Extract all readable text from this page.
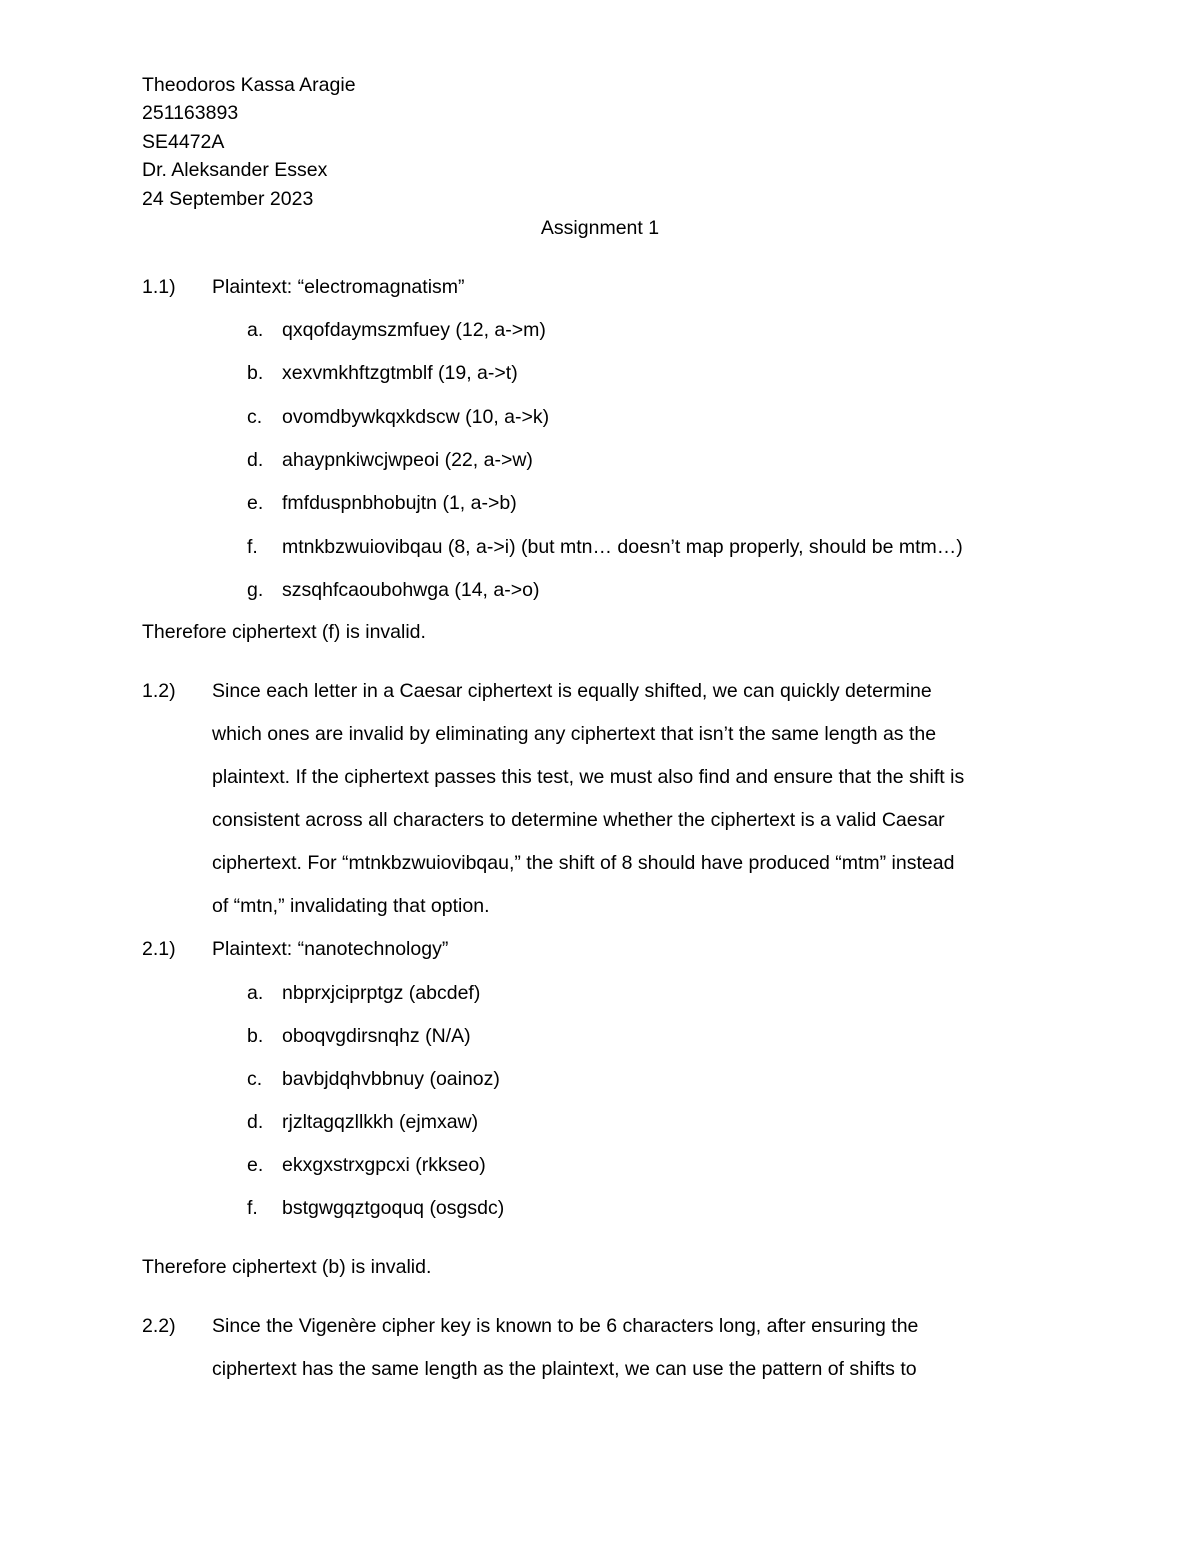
Theodoros Kassa Aragie
251163893
SE4472A
Dr. Aleksander Essex
24 September 2023
Assignment 1
1.1) Plaintext: “electromagnatism”
a. qxqofdaymszmfuey (12, a->m)
b. xexvmkhftzgtmblf (19, a->t)
c. ovomdbywkqxkdscw (10, a->k)
d. ahaypnkiwcjwpeoi (22, a->w)
e. fmfduspnbhobujtn (1, a->b)
f. mtnkbzwuiovibqau (8, a->i) (but mtn… doesn’t map properly, should be mtm…)
g. szsqhfcaoubohwga (14, a->o)
Therefore ciphertext (f) is invalid.
1.2) Since each letter in a Caesar ciphertext is equally shifted, we can quickly determine
which ones are invalid by eliminating any ciphertext that isn’t the same length as the
plaintext. If the ciphertext passes this test, we must also find and ensure that the shift is
consistent across all characters to determine whether the ciphertext is a valid Caesar
ciphertext. For “mtnkbzwuiovibqau,” the shift of 8 should have produced “mtm” instead
of “mtn,” invalidating that option.
2.1) Plaintext: “nanotechnology”
a. nbprxjciprptgz (abcdef)
b. oboqvgdirsnqhz (N/A)
c. bavbjdqhvbbnuy (oainoz)
d. rjzltagqzllkkh (ejmxaw)
e. ekxgxstrxgpcxi (rkkseo)
f. bstgwgqztgoquq (osgsdc)
Therefore ciphertext (b) is invalid.
2.2) Since the Vigenère cipher key is known to be 6 characters long, after ensuring the
ciphertext has the same length as the plaintext, we can use the pattern of shifts to
